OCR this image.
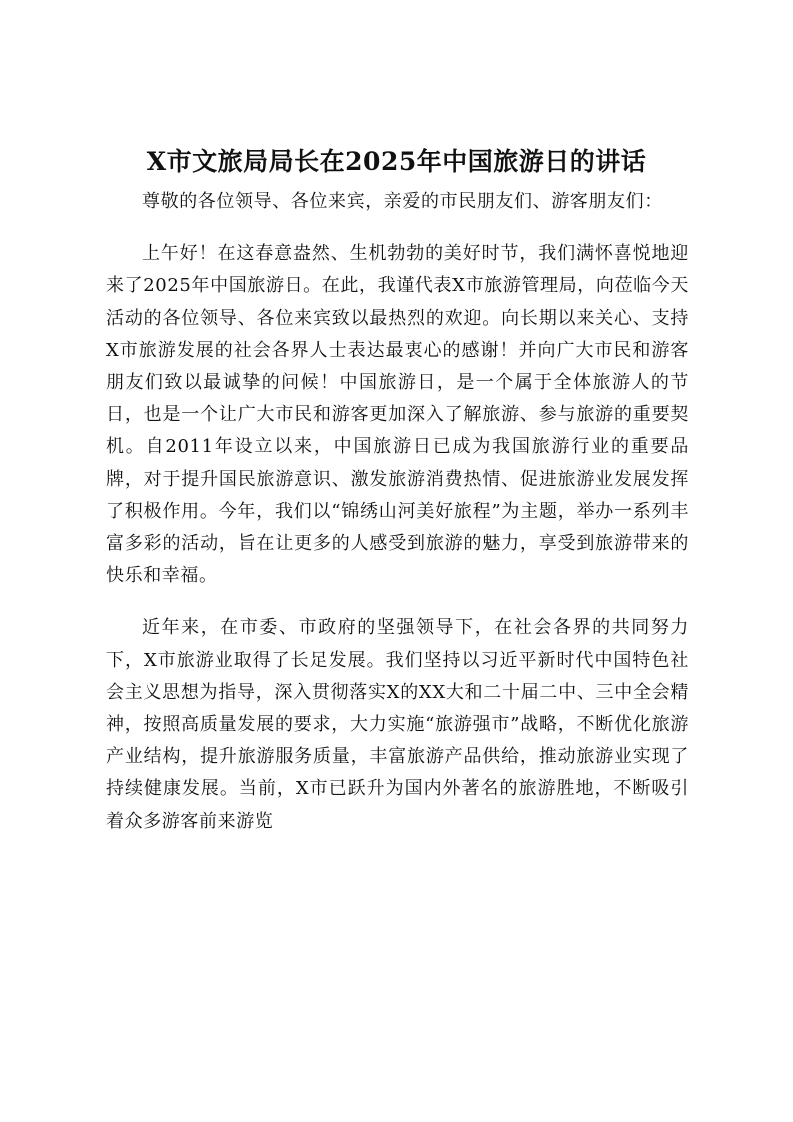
X市文旅局局长在2025年中国旅游日的讲话

尊敬的各位领导、各位来宾，亲爱的市民朋友们、游客朋友们：

上午好！在这春意盎然、生机勃勃的美好时节，我们满怀喜悦地迎来了2025年中国旅游日。在此，我谨代表X市旅游管理局，向莅临今天活动的各位领导、各位来宾致以最热烈的欢迎。向长期以来关心、支持X市旅游发展的社会各界人士表达最衷心的感谢！并向广大市民和游客朋友们致以最诚挚的问候！中国旅游日，是一个属于全体旅游人的节日，也是一个让广大市民和游客更加深入了解旅游、参与旅游的重要契机。自2011年设立以来，中国旅游日已成为我国旅游行业的重要品牌，对于提升国民旅游意识、激发旅游消费热情、促进旅游业发展发挥了积极作用。今年，我们以“锦绣山河美好旅程”为主题，举办一系列丰富多彩的活动，旨在让更多的人感受到旅游的魅力，享受到旅游带来的快乐和幸福。

近年来，在市委、市政府的坚强领导下，在社会各界的共同努力下，X市旅游业取得了长足发展。我们坚持以习近平新时代中国特色社会主义思想为指导，深入贯彻落实X的XX大和二十届二中、三中全会精神，按照高质量发展的要求，大力实施“旅游强市”战略，不断优化旅游产业结构，提升旅游服务质量，丰富旅游产品供给，推动旅游业实现了持续健康发展。当前，X市已跃升为国内外著名的旅游胜地，不断吸引着众多游客前来游览
